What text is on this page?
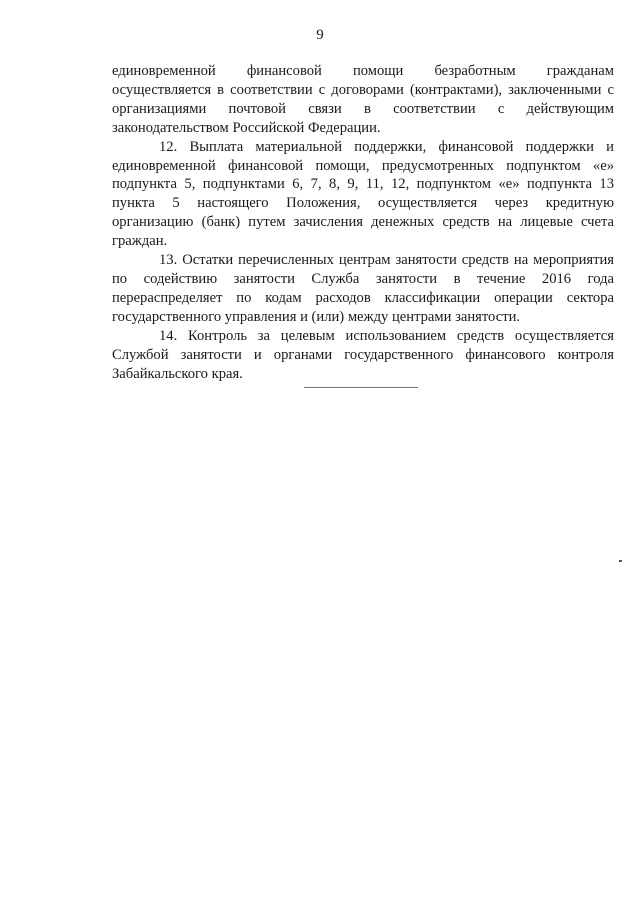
9

единовременной финансовой помощи безработным гражданам
осуществляется в соответствии с договорами (контрактами), заключенными с
организациями почтовой связи в соответствии с действующим
законодательством Российской Федерации.

12. Выплата материальной поддержки, финансовой поддержки и
единовременной финансовой помощи, предусмотренных подпунктом «е»
подпункта 5, подпунктами 6, 7, 8, 9, 11, 12, подпунктом «е» подпункта 13
пункта 5 настоящего Положения, осуществляется через кредитную
организацию (банк) путем зачисления денежных средств на лицевые счета
граждан.

13. Остатки перечисленных центрам занятости средств на мероприятия
по содействию занятости Служба занятости в течение 2016 года
перераспределяет по кодам расходов классификации операции сектора
государственного управления и (или) между центрами занятости.

14. Контроль за целевым использованием средств осуществляется
Службой занятости и органами государственного финансового контроля
Забайкальского края.
